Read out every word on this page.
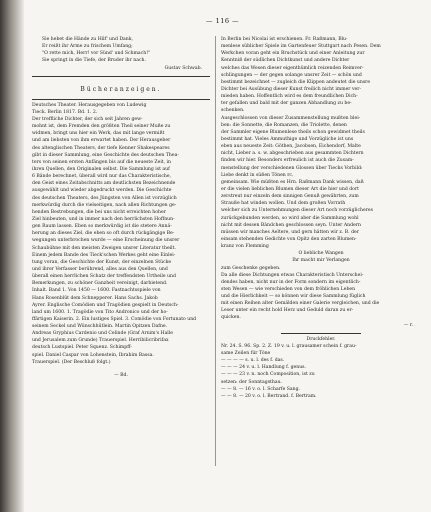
— 116 —
Sie hebet die Hände zu Hilf' und Dank,
Er reißt ihr Arme zu frischem Umfang;
"O rette mich, Herr! vor Sünd' und Schmach!"
Sie springt in die Tiefe, der Bruder ihr nach.
Gustav Schwab.
Bücheranzeigen.
Deutsches Theater. Herausgegeben von Ludewig
Tieck. Berlin 1817. Bd. 1. 2.
Der treffliche Dichter, der sich seit Jahren gew-
mohnt ist, dem Fremden den größten Theil seiner Muße zu
widmen, bringt uns hier ein Werk, das mit lange vermißt
und am liebsten von ihm erwartet haben. Der Herausgeber
des altenglischen Theaters, der tiefe Kenner Shakespeares
gibt in dieser Sammlung, eine Geschichte des deutschen Thea-
ters von seinen ersten Anfängen bis auf die neueste Zeit, in
ihren Quellen, den Originalen selbst. Die Sammlung ist auf
6 Bände berechnet, überall wird nur das Charakteristische,
den Geist eines Zeitabschnitts am deutlichsten Bezeichnende
ausgewählt und wieder abgedruckt werden. Die Geschichte
des deutschen Theaters, des Jüngsten von Allen ist vorzüglich
merkwürdig durch die vielseitigen, nach allen Richtungen ge-
henden Bestrebungen, die bei uns nicht erreichten hoher
Ziel hinbeuten, und in immer nach den herrlichsten Hoffnun-
gen Raum lassen. Eben so merkwürdig ist die stetere Annä-
herung an dieses Ziel, die eben so oft durch rückgängige Be-
wegungen unterbrochen wurde — eine Erscheinung die unsrer
Schaubühne mit den meisten Zweigen unsrer Literatur theilt.
Einem jedem Bande des Tieck'schen Werkes geht eine Einlei-
tung voran, die Geschichte der Kunst, der einzelnen Stücke
und ihrer Verfasser berührend, alles aus den Quellen, und
überall einen herrlichen Schatz der treffendsten Urtheile und
Bemerkungen, zu schöner Ganzheit vereinigt, darbietend.
Inhalt. Band 1. Von 1450 — 1600. Fastnachtsspiele von
Hans Rosenblüt dem Schnepperer. Hans Sachs. Jakob
Ayrer. Englische Comödien und Tragödien gespielt in Deutsch-
land um 1600. 1. Tragödie von Tito Andronico und der ho-
ffärtigen Kaiserin. 2. Ein lustiges Spiel. 3. Comödie von Fortunato und
seinem Seckel und Wünschhütlein. Martin Opitzen Dafne.
Andreas Gryphius Cardenio und Celinde (Graf Arnim's Halle
und Jerusalem zum Grunde) Trauerspiel. Herribilicribrifax
deutsch Lustspiel. Peter Squenz. Schimpff-
spiel. Daniel Caspar von Lohenstein, Ibrahim Bassa.
Trauerspiel. (Der Beschluß folgt.)
— Bd.
In Berlin bei Nicolai ist erschienen. Fr. Raßmann, Blu-
menlese süblicher Spiele im Gartenfeuer Stuttgart nach Pesen. Dem
Werkchen voran geht ein Bruchstück und einer Anleitung zur
Kenntniß der südlichen Dichtkunst und andere Dichter
welches das Wesen dieser eigenthümlich reizenden Reimver-
schlingungen — der gegen solange unsrer Zeit — schön und
bestimmt bezeichnet — zugleich die Klippen andeutet die unsre
Dichter bei Ausübung dieser Kunst freilich nicht immer ver-
mieden haben. Hoffentlich wird es dem freundlichen Dich-
ter gefallen und bald mit der ganzen Abhandlung zu be-
schenken.
Ausgeschlossen von dieser Zusammenstellung mußten blei-
ben: die Sonnette, die Romanzen, die Triolette, denen
der Sammler eigene Blumenlese theils schon gewidmet theils
bestimmt hat. Vieles Ammuthige und Vorzügliche ist uns
eben aus neueste Zeit: Göthen, Jacobsen, Eichendorf, Malte
nicht, Lieber a. s. w. abgeschrieben aus gesammten Dichtern
finden wir hier. Besonders erfreulich ist auch die Zusam-
menstellung der verschiedenen Glossen über Tiecks Vorbild:
Liebe denkt in süßen Tönen rc.
gemeinsam. Wie müßten es Hrn. Raßmann Dank wissen, daß
er die vielen lieblichen Blumen dieser Art die hier und dort
zerstreut nur einzeln dem sinnigen Genuß gewährten, zum
Strauße hat winden wollen. Und dem großen Vorrath
welcher sich zu Unternehmungen dieser Art noch vorzüglicheres
zurückgebunden werden, so wird aber die Sammlung wohl
nicht mit dessen Bändchen geschlossen seyn. Unter Andern
müssen wir manches Aeltere, und gern hätten wir z. B. der
einsam stehenden Gedichte von Opitz den zarten Blumen-
kranz von Flemming
O liebliche Wangen
Ihr macht mir Verlangen
zum Geschenke gegeben.
Da alle diese Dichtungen etwas Charakteristisch Unterschei-
dendes haben, nicht nur in der Form sondern im eigentlich-
sten Wesen — wie verschieden von dem fröhlichen Leben
und die Hierlichkeit — so können wir diese Sammlung füglich
mit einen Reihen alter Gemälden einer Galerie vergleichen, und die
Leser unter ein recht hold Herz und Geduld daran zu er-
quicken.
— r.
Druckfehler.
Nr. 24. S. 96. Sp. 2. Z. 19 v. u. l. grausamer schein f. grau-
same Zeilen für Töne
— — — — s. u. l. des f. das.
— — — 24 v. u. l. Handlung f. genus.
— — — 23 v. n. noch Composition, ist zu
setzen: der Sonntagsthau.
— — 8. — 16 v. o. l. Scharfe Sang.
— — 8. — 20 v. o. l. Bertrand. f. Bertram.
